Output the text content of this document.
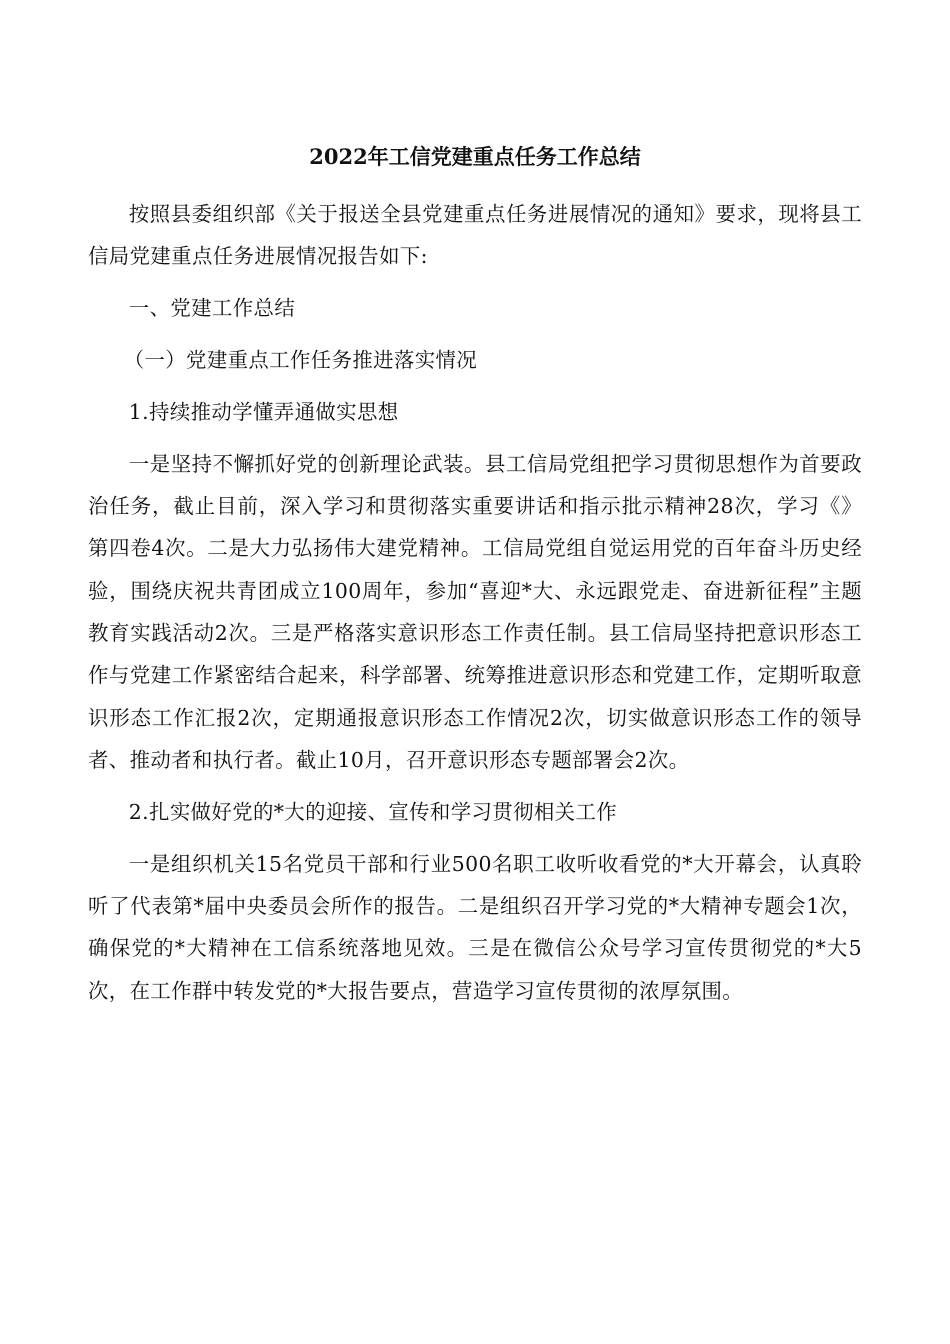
2022年工信党建重点任务工作总结

按照县委组织部《关于报送全县党建重点任务进展情况的通知》要求，现将县工信局党建重点任务进展情况报告如下:

一、党建工作总结

（一）党建重点工作任务推进落实情况

1.持续推动学懂弄通做实思想

一是坚持不懈抓好党的创新理论武装。县工信局党组把学习贯彻思想作为首要政治任务，截止目前，深入学习和贯彻落实重要讲话和指示批示精神28次，学习《》第四卷4次。二是大力弘扬伟大建党精神。工信局党组自觉运用党的百年奋斗历史经验，围绕庆祝共青团成立100周年，参加“喜迎*大、永远跟党走、奋进新征程”主题教育实践活动2次。三是严格落实意识形态工作责任制。县工信局坚持把意识形态工作与党建工作紧密结合起来，科学部署、统筹推进意识形态和党建工作，定期听取意识形态工作汇报2次，定期通报意识形态工作情况2次，切实做意识形态工作的领导者、推动者和执行者。截止10月，召开意识形态专题部署会2次。

2.扎实做好党的*大的迎接、宣传和学习贯彻相关工作

一是组织机关15名党员干部和行业500名职工收听收看党的*大开幕会，认真聆听了代表第*届中央委员会所作的报告。二是组织召开学习党的*大精神专题会1次，确保党的*大精神在工信系统落地见效。三是在微信公众号学习宣传贯彻党的*大5次，在工作群中转发党的*大报告要点，营造学习宣传贯彻的浓厚氛围。
